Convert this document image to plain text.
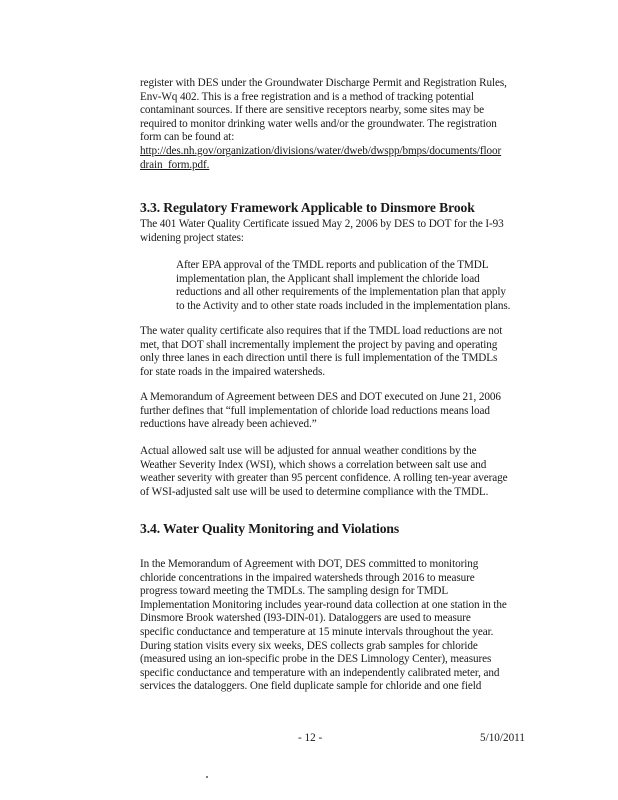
register with DES under the Groundwater Discharge Permit and Registration Rules,
Env-Wq 402. This is a free registration and is a method of tracking potential
contaminant sources. If there are sensitive receptors nearby, some sites may be
required to monitor drinking water wells and/or the groundwater. The registration
form can be found at:
http://des.nh.gov/organization/divisions/water/dweb/dwspp/bmps/documents/floor
drain_form.pdf.
3.3. Regulatory Framework Applicable to Dinsmore Brook
The 401 Water Quality Certificate issued May 2, 2006 by DES to DOT for the I-93
widening project states:
After EPA approval of the TMDL reports and publication of the TMDL
implementation plan, the Applicant shall implement the chloride load
reductions and all other requirements of the implementation plan that apply
to the Activity and to other state roads included in the implementation plans.
The water quality certificate also requires that if the TMDL load reductions are not
met, that DOT shall incrementally implement the project by paving and operating
only three lanes in each direction until there is full implementation of the TMDLs
for state roads in the impaired watersheds.
A Memorandum of Agreement between DES and DOT executed on June 21, 2006
further defines that “full implementation of chloride load reductions means load
reductions have already been achieved.”
Actual allowed salt use will be adjusted for annual weather conditions by the
Weather Severity Index (WSI), which shows a correlation between salt use and
weather severity with greater than 95 percent confidence. A rolling ten-year average
of WSI-adjusted salt use will be used to determine compliance with the TMDL.
3.4. Water Quality Monitoring and Violations
In the Memorandum of Agreement with DOT, DES committed to monitoring
chloride concentrations in the impaired watersheds through 2016 to measure
progress toward meeting the TMDLs. The sampling design for TMDL
Implementation Monitoring includes year-round data collection at one station in the
Dinsmore Brook watershed (I93-DIN-01). Dataloggers are used to measure
specific conductance and temperature at 15 minute intervals throughout the year.
During station visits every six weeks, DES collects grab samples for chloride
(measured using an ion-specific probe in the DES Limnology Center), measures
specific conductance and temperature with an independently calibrated meter, and
services the dataloggers. One field duplicate sample for chloride and one field
- 12 -	5/10/2011
